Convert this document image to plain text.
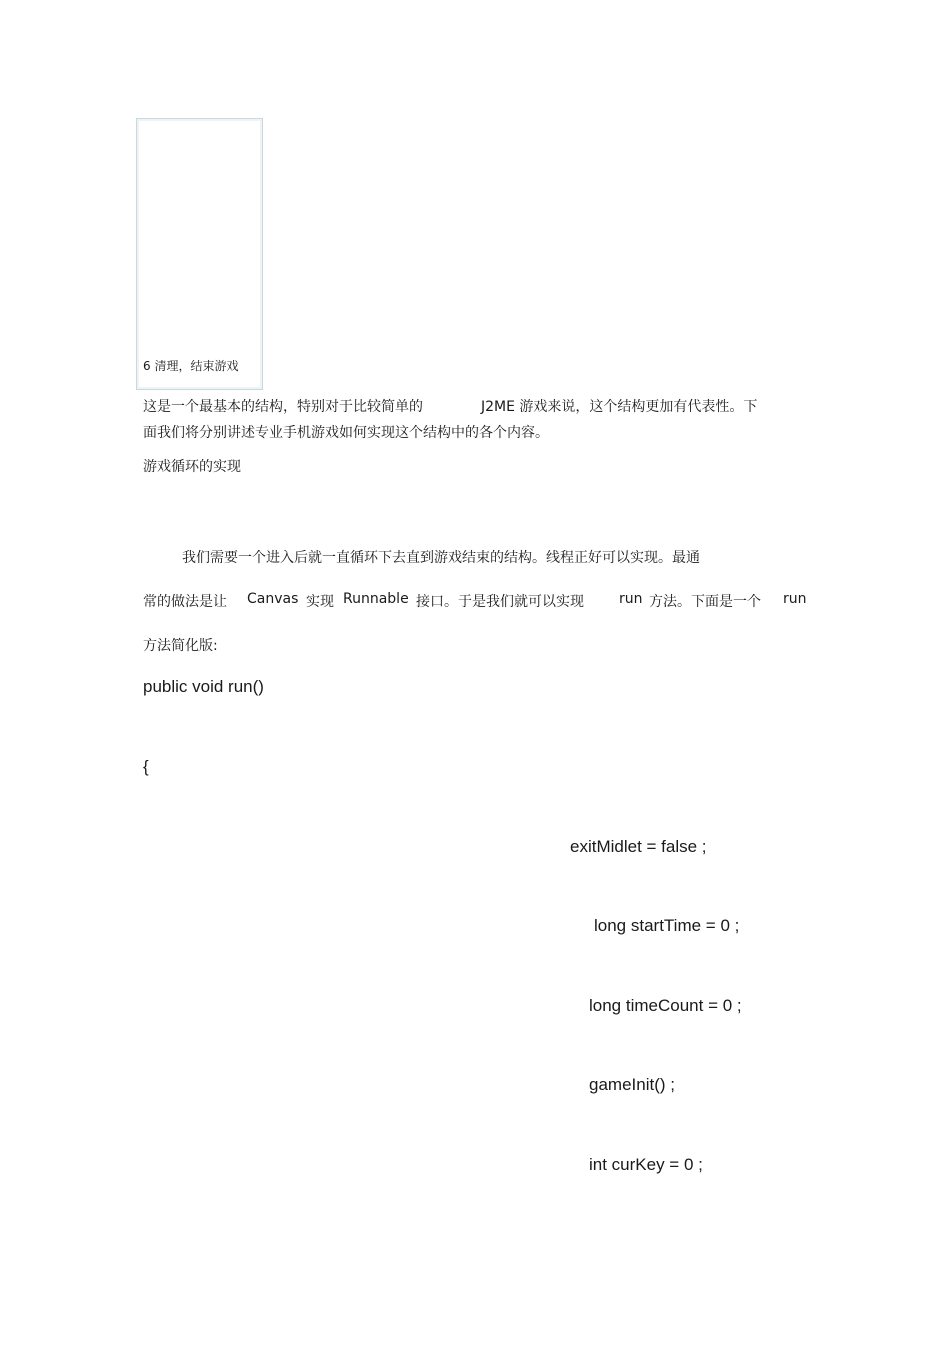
6 清理，结束游戏
这是一个最基本的结构，特别对于比较简单的	J2ME 游戏来说，这个结构更加有代表性。下
面我们将分别讲述专业手机游戏如何实现这个结构中的各个内容。
游戏循环的实现
我们需要一个进入后就一直循环下去直到游戏结束的结构。线程正好可以实现。最通
常的做法是让 Canvas 实现 Runnable 接口。于是我们就可以实现	run 方法。下面是一个 run
方法简化版:
public void run()
{
exitMidlet = false ;
long startTime = 0 ;
long timeCount = 0 ;
gameInit() ;
int curKey = 0 ;
